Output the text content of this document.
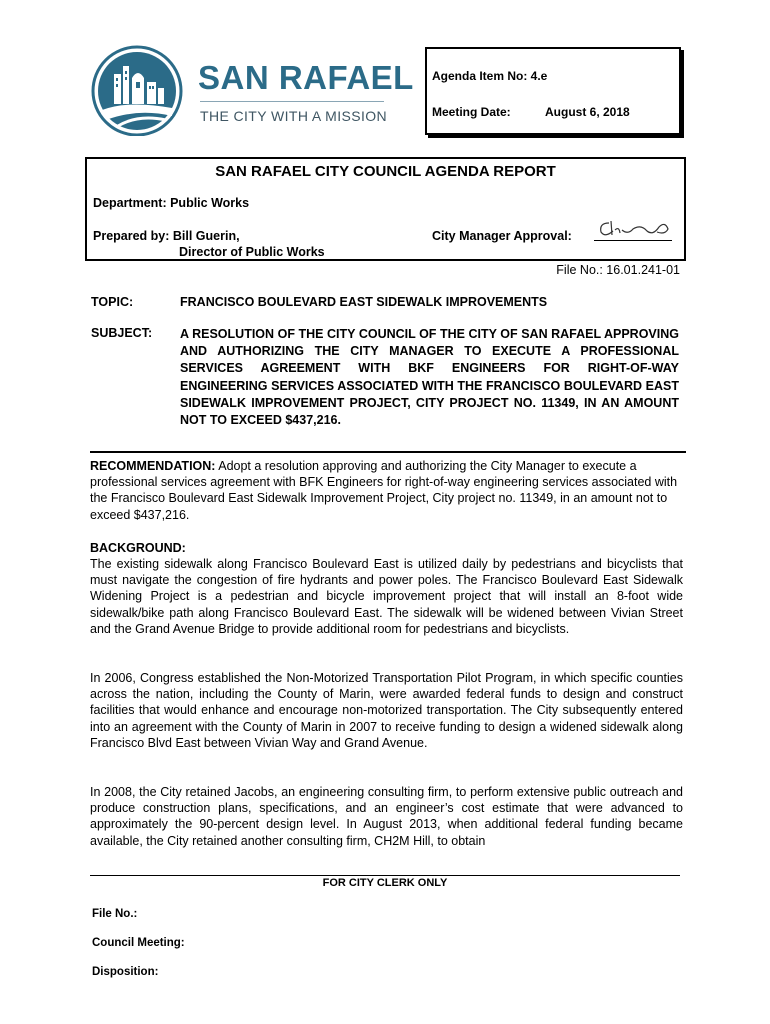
SAN RAFAEL
THE CITY WITH A MISSION
Agenda Item No: 4.e
Meeting Date:	August 6, 2018
SAN RAFAEL CITY COUNCIL AGENDA REPORT
Department: Public Works
Prepared by: Bill Guerin,
Director of Public Works
City Manager Approval:
File No.: 16.01.241-01
TOPIC:	FRANCISCO BOULEVARD EAST SIDEWALK IMPROVEMENTS
SUBJECT: A RESOLUTION OF THE CITY COUNCIL OF THE CITY OF SAN RAFAEL APPROVING AND AUTHORIZING THE CITY MANAGER TO EXECUTE A PROFESSIONAL SERVICES AGREEMENT WITH BKF ENGINEERS FOR RIGHT-OF-WAY ENGINEERING SERVICES ASSOCIATED WITH THE FRANCISCO BOULEVARD EAST SIDEWALK IMPROVEMENT PROJECT, CITY PROJECT NO. 11349, IN AN AMOUNT NOT TO EXCEED $437,216.
RECOMMENDATION: Adopt a resolution approving and authorizing the City Manager to execute a professional services agreement with BFK Engineers for right-of-way engineering services associated with the Francisco Boulevard East Sidewalk Improvement Project, City project no. 11349, in an amount not to exceed $437,216.
BACKGROUND:
The existing sidewalk along Francisco Boulevard East is utilized daily by pedestrians and bicyclists that must navigate the congestion of fire hydrants and power poles. The Francisco Boulevard East Sidewalk Widening Project is a pedestrian and bicycle improvement project that will install an 8-foot wide sidewalk/bike path along Francisco Boulevard East. The sidewalk will be widened between Vivian Street and the Grand Avenue Bridge to provide additional room for pedestrians and bicyclists.
In 2006, Congress established the Non-Motorized Transportation Pilot Program, in which specific counties across the nation, including the County of Marin, were awarded federal funds to design and construct facilities that would enhance and encourage non-motorized transportation. The City subsequently entered into an agreement with the County of Marin in 2007 to receive funding to design a widened sidewalk along Francisco Blvd East between Vivian Way and Grand Avenue.
In 2008, the City retained Jacobs, an engineering consulting firm, to perform extensive public outreach and produce construction plans, specifications, and an engineer’s cost estimate that were advanced to approximately the 90-percent design level. In August 2013, when additional federal funding became available, the City retained another consulting firm, CH2M Hill, to obtain
FOR CITY CLERK ONLY
File No.:
Council Meeting:
Disposition:
